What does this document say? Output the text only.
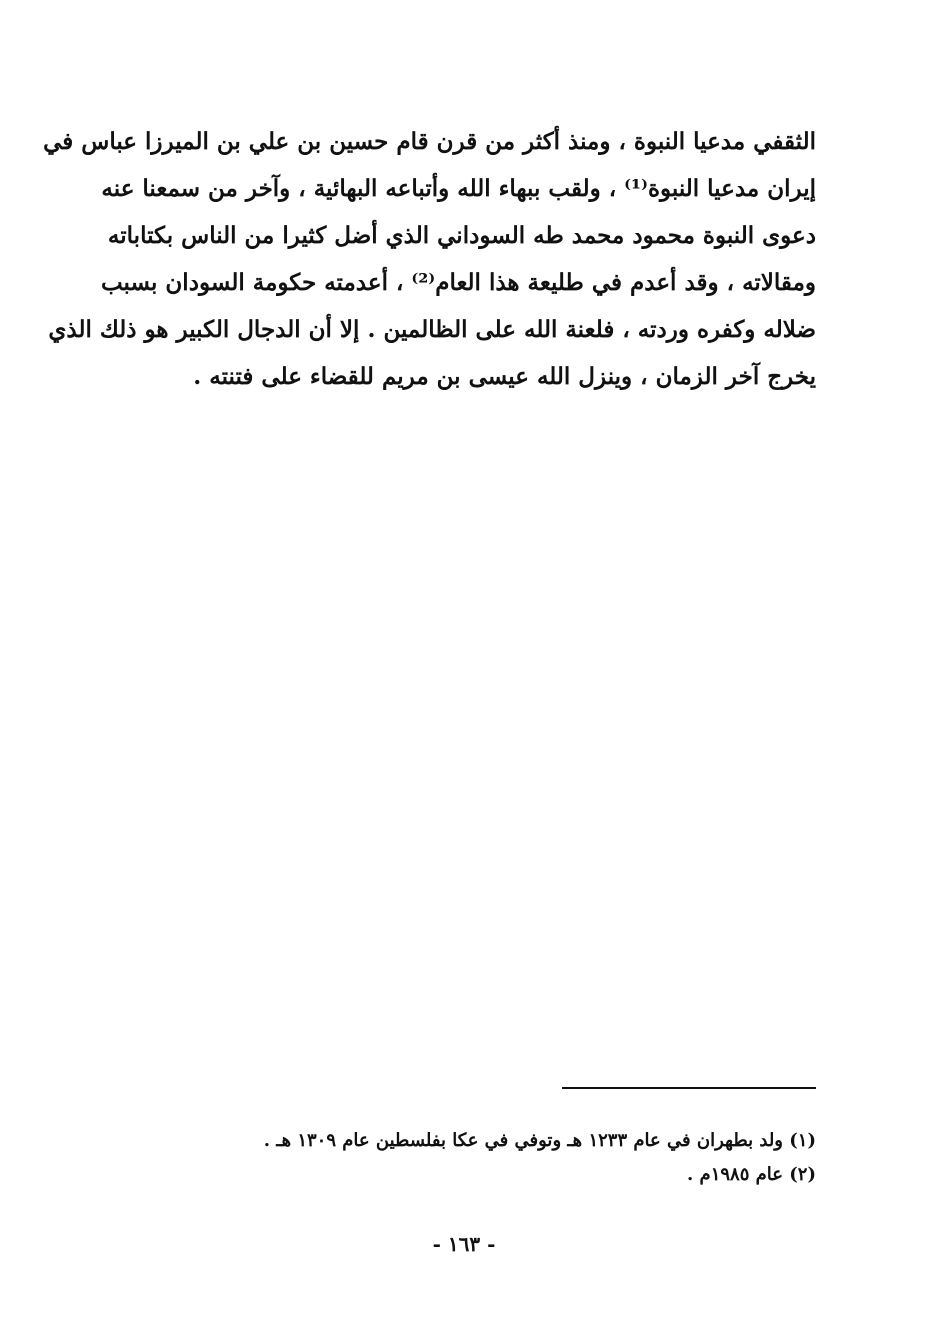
الثقفي مدعيا النبوة ، ومنذ أكثر من قرن قام حسين بن علي بن الميرزا عباس في
إيران مدعيا النبوة⁽¹⁾ ، ولقب ببهاء الله وأتباعه البهائية ، وآخر من سمعنا عنه
دعوى النبوة محمود محمد طه السوداني الذي أضل كثيرا من الناس بكتاباته
ومقالاته ، وقد أعدم في طليعة هذا العام⁽²⁾ ، أعدمته حكومة السودان بسبب
ضلاله وكفره وردته ، فلعنة الله على الظالمين . إلا أن الدجال الكبير هو ذلك الذي
يخرج آخر الزمان ، وينزل الله عيسى بن مريم للقضاء على فتنته .
(١) ولد بطهران في عام ١٢٣٣ هـ وتوفي في عكا بفلسطين عام ١٣٠٩ هـ .
(٢) عام ١٩٨٥م .
- ١٦٣ -
